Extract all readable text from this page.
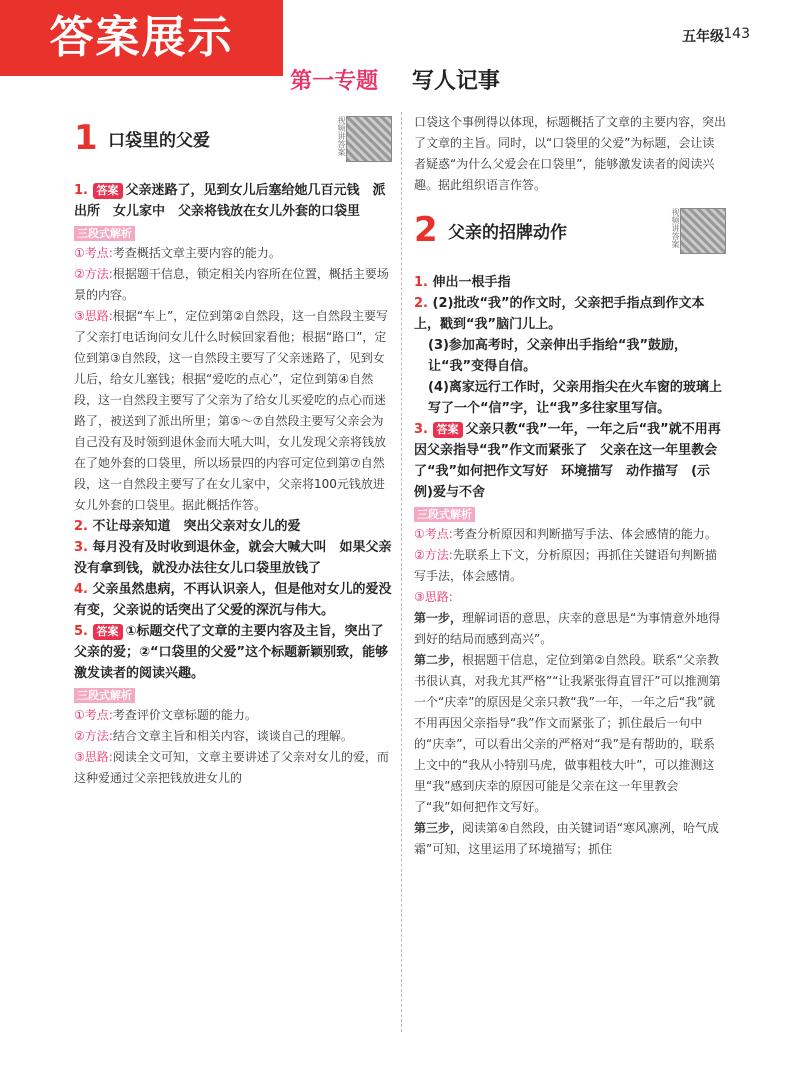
答案展示	五年级 143
第一专题 写人记事
1 口袋里的父爱	视频讲答案

1. 答案 父亲迷路了，见到女儿后塞给她几百元钱　派出所　女儿家中　父亲将钱放在女儿外套的口袋里

三段式解析

①考点:考查概括文章主要内容的能力。

②方法:根据题干信息，锁定相关内容所在位置，概括主要场景的内容。

③思路:根据“车上”，定位到第②自然段，这一自然段主要写了父亲打电话询问女儿什么时候回家看他；根据“路口”，定位到第③自然段，这一自然段主要写了父亲迷路了，见到女儿后，给女儿塞钱；根据“爱吃的点心”，定位到第④自然段，这一自然段主要写了父亲为了给女儿买爱吃的点心而迷路了，被送到了派出所里；第⑤～⑦自然段主要写父亲会为自己没有及时领到退休金而大吼大叫，女儿发现父亲将钱放在了她外套的口袋里，所以场景四的内容可定位到第⑦自然段，这一自然段主要写了在女儿家中，父亲将100元钱放进女儿外套的口袋里。据此概括作答。

2. 不让母亲知道　突出父亲对女儿的爱

3. 每月没有及时收到退休金，就会大喊大叫　如果父亲没有拿到钱，就没办法往女儿口袋里放钱了

4. 父亲虽然患病，不再认识亲人，但是他对女儿的爱没有变，父亲说的话突出了父爱的深沉与伟大。

5. 答案 ①标题交代了文章的主要内容及主旨，突出了父亲的爱；②“口袋里的父爱”这个标题新颖别致，能够激发读者的阅读兴趣。

三段式解析

①考点:考查评价文章标题的能力。

②方法:结合文章主旨和相关内容，谈谈自己的理解。

③思路:阅读全文可知，文章主要讲述了父亲对女儿的爱，而这种爱通过父亲把钱放进女儿的

口袋这个事例得以体现，标题概括了文章的主要内容，突出了文章的主旨。同时，以“口袋里的父爱”为标题，会让读者疑惑“为什么父爱会在口袋里”，能够激发读者的阅读兴趣。据此组织语言作答。

2 父亲的招牌动作	视频讲答案

1. 伸出一根手指

2. (2)批改“我”的作文时，父亲把手指点到作文本上，戳到“我”脑门儿上。

(3)参加高考时，父亲伸出手指给“我”鼓励，让“我”变得自信。

(4)离家远行工作时，父亲用指尖在火车窗的玻璃上写了一个“信”字，让“我”多往家里写信。

3. 答案 父亲只教“我”一年，一年之后“我”就不用再因父亲指导“我”作文而紧张了　父亲在这一年里教会了“我”如何把作文写好　环境描写　动作描写　(示例)爱与不舍

三段式解析

①考点:考查分析原因和判断描写手法、体会感情的能力。

②方法:先联系上下文，分析原因；再抓住关键语句判断描写手法，体会感情。

③思路:

第一步，理解词语的意思，庆幸的意思是“为事情意外地得到好的结局而感到高兴”。

第二步，根据题干信息，定位到第②自然段。联系“父亲教书很认真，对我尤其严格”“让我紧张得直冒汗”可以推测第一个“庆幸”的原因是父亲只教“我”一年，一年之后“我”就不用再因父亲指导“我”作文而紧张了；抓住最后一句中的“庆幸”，可以看出父亲的严格对“我”是有帮助的，联系上文中的“我从小特别马虎，做事粗枝大叶”，可以推测这里“我”感到庆幸的原因可能是父亲在这一年里教会了“我”如何把作文写好。

第三步，阅读第④自然段，由关键词语“寒风凛冽，哈气成霜”可知，这里运用了环境描写；抓住
